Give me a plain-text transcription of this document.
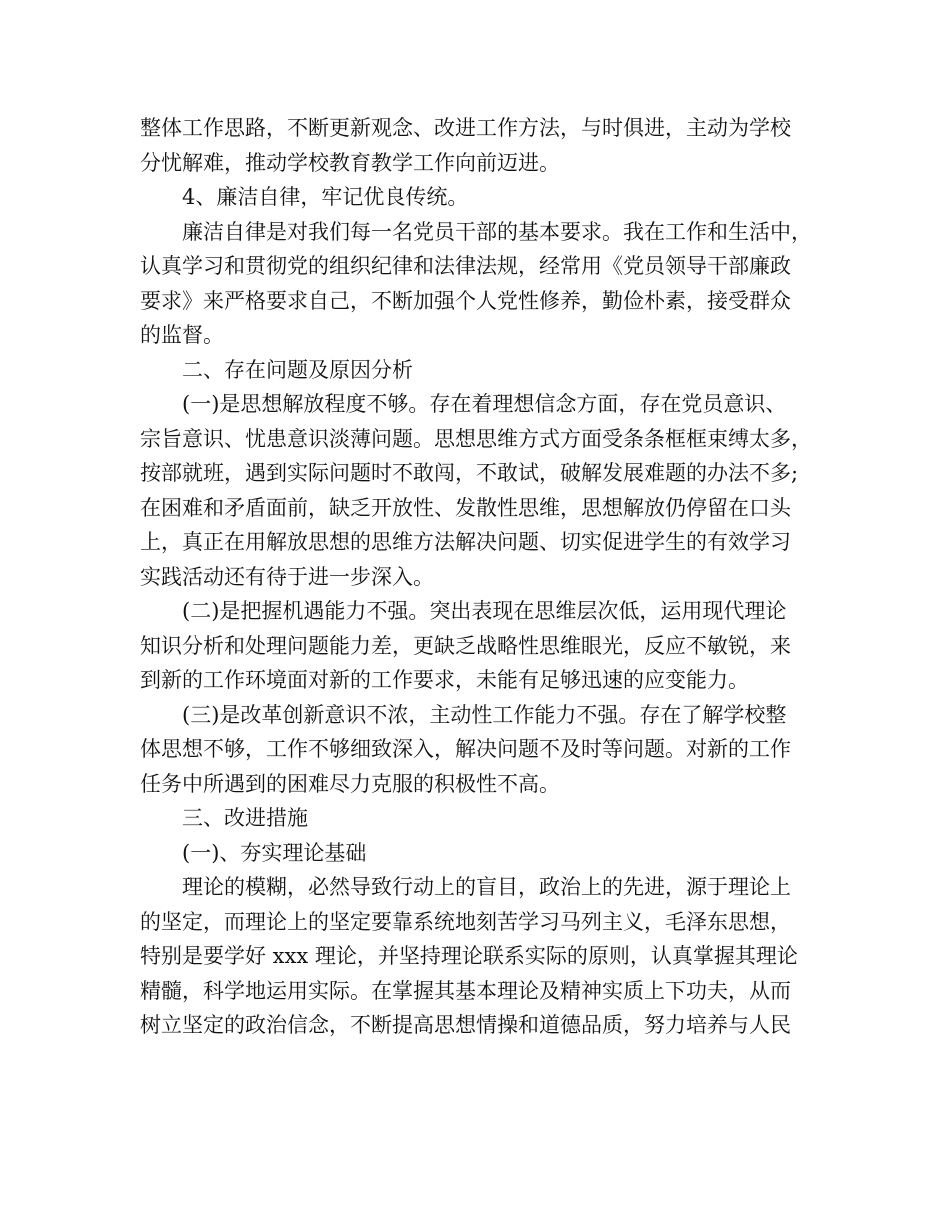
整体工作思路，不断更新观念、改进工作方法，与时俱进，主动为学校
分忧解难，推动学校教育教学工作向前迈进。
　　4、廉洁自律，牢记优良传统。
　　廉洁自律是对我们每一名党员干部的基本要求。我在工作和生活中，
认真学习和贯彻党的组织纪律和法律法规，经常用《党员领导干部廉政
要求》来严格要求自己，不断加强个人党性修养，勤俭朴素，接受群众
的监督。
　　二、存在问题及原因分析
　　(一)是思想解放程度不够。存在着理想信念方面，存在党员意识、
宗旨意识、忧患意识淡薄问题。思想思维方式方面受条条框框束缚太多，
按部就班，遇到实际问题时不敢闯，不敢试，破解发展难题的办法不多;
在困难和矛盾面前，缺乏开放性、发散性思维，思想解放仍停留在口头
上，真正在用解放思想的思维方法解决问题、切实促进学生的有效学习
实践活动还有待于进一步深入。
　　(二)是把握机遇能力不强。突出表现在思维层次低，运用现代理论
知识分析和处理问题能力差，更缺乏战略性思维眼光，反应不敏锐，来
到新的工作环境面对新的工作要求，未能有足够迅速的应变能力。
　　(三)是改革创新意识不浓，主动性工作能力不强。存在了解学校整
体思想不够，工作不够细致深入，解决问题不及时等问题。对新的工作
任务中所遇到的困难尽力克服的积极性不高。
　　三、改进措施
　　(一)、夯实理论基础
　　理论的模糊，必然导致行动上的盲目，政治上的先进，源于理论上
的坚定，而理论上的坚定要靠系统地刻苦学习马列主义，毛泽东思想，
特别是要学好 xxx 理论，并坚持理论联系实际的原则，认真掌握其理论
精髓，科学地运用实际。在掌握其基本理论及精神实质上下功夫，从而
树立坚定的政治信念，不断提高思想情操和道德品质，努力培养与人民
